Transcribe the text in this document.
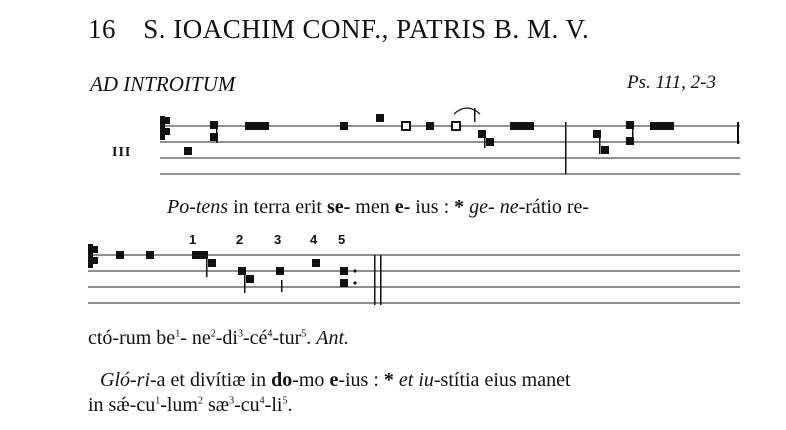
16 S. IOACHIM CONF., PATRIS B. M. V.
AD INTROITUM	Ps. 111, 2-3
III
1	2 3 4 5
Po-tens in terra erit se- men e- ius : * ge- ne-rátio re-
ctó-rum $be^1-$ $ne^2-di^3-cé^4-tur^5$. Ant.
Gló-ri-a et divítiæ in do-mo e-ius : * et iu-stítia eius manet
in $sǽ-cu^1-lum^2$ $sæ^3-cu^4-li^5$.
